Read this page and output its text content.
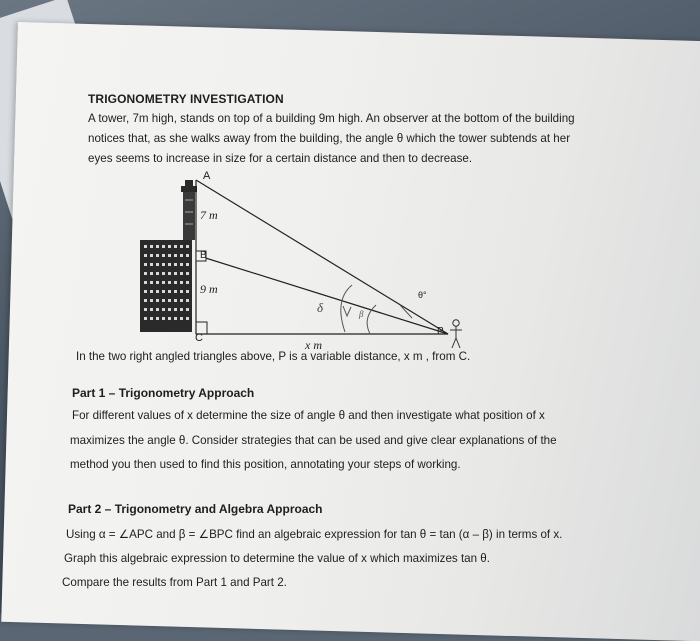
TRIGONOMETRY INVESTIGATION
A tower, 7m high, stands on top of a building 9m high. An observer at the bottom of the building
notices that, as she walks away from the building, the angle θ which the tower subtends at her
eyes seems to increase in size for a certain distance and then to decrease.
A
B
C
P
7 m
9 m
x m
θ°
δ	β
In the two right angled triangles above, P is a variable distance, x m , from C.
Part 1 – Trigonometry Approach
For different values of x determine the size of angle θ and then investigate what position of x
maximizes the angle θ. Consider strategies that can be used and give clear explanations of the
method you then used to find this position, annotating your steps of working.
Part 2 – Trigonometry and Algebra Approach
Using α = ∠APC and β = ∠BPC find an algebraic expression for tan θ = tan (α – β) in terms of x.
Graph this algebraic expression to determine the value of x which maximizes tan θ.
Compare the results from Part 1 and Part 2.
